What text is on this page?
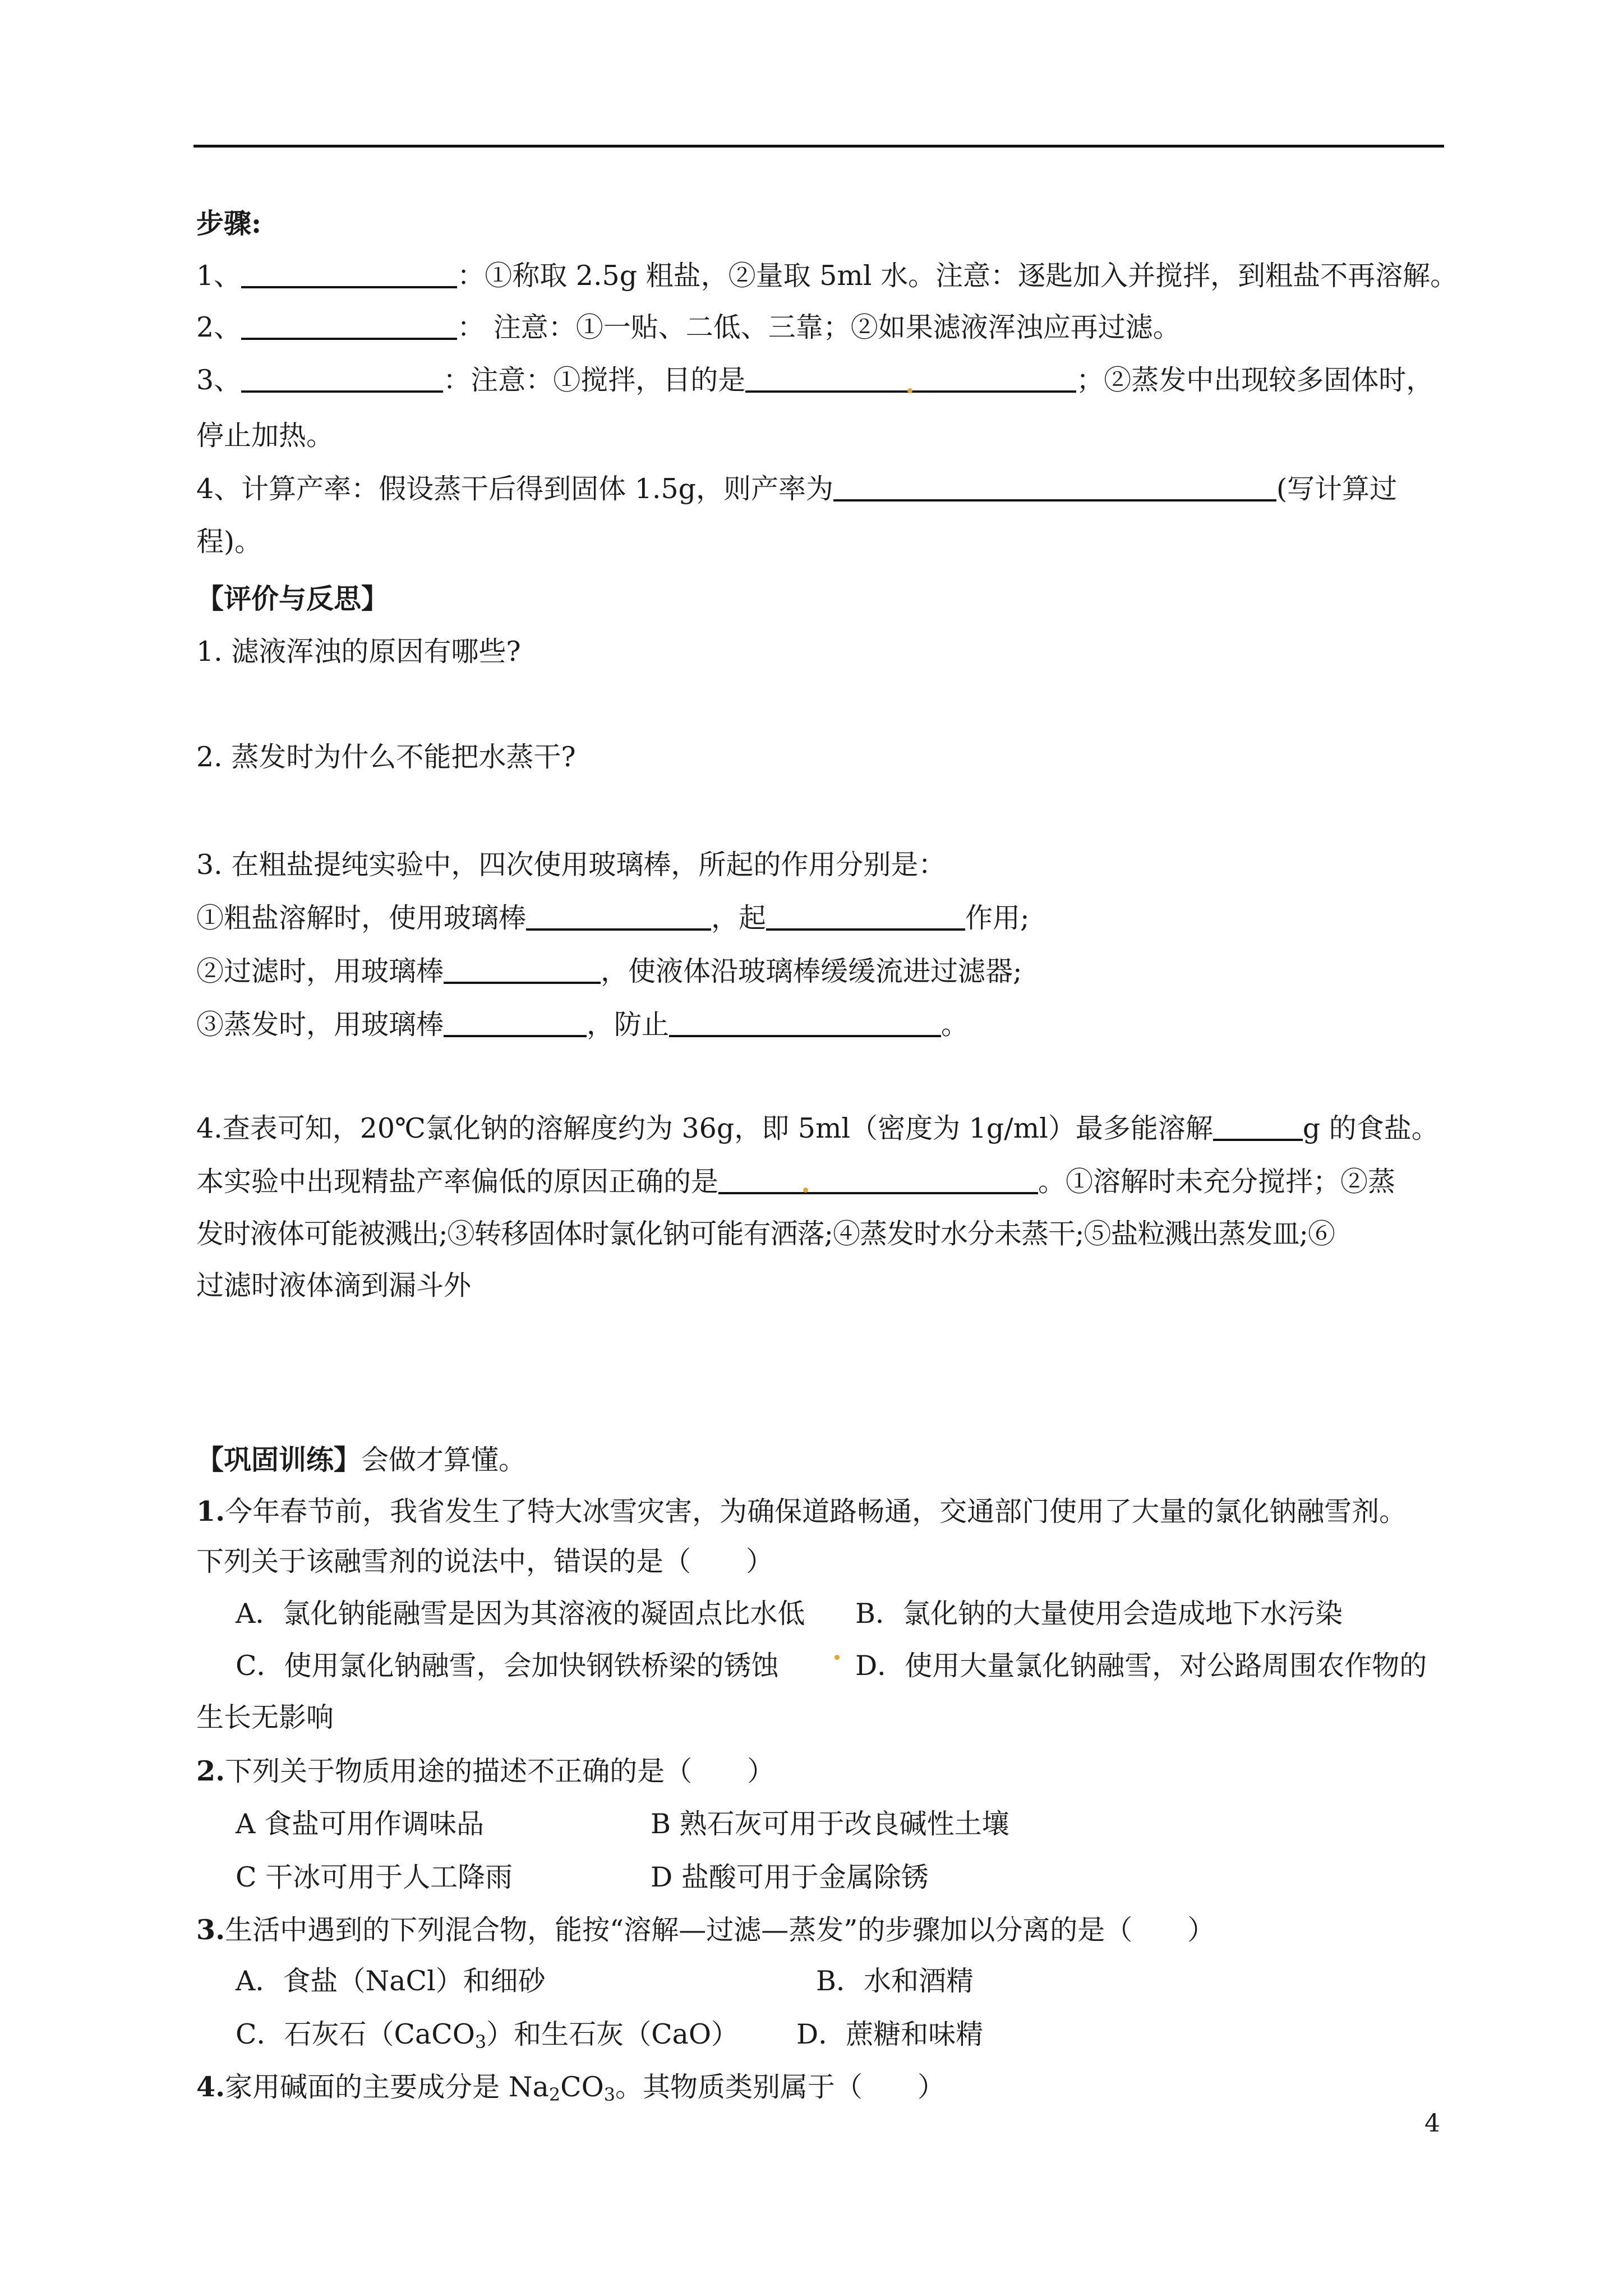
步骤:
1、	：①称取 2.5g 粗盐，②量取 5ml 水。注意：逐匙加入并搅拌，到粗盐不再溶解。
2、	： 注意：①一贴、二低、三靠；②如果滤液浑浊应再过滤。
3、	：注意：①搅拌，目的是	；②蒸发中出现较多固体时，
停止加热。
4、计算产率：假设蒸干后得到固体 1.5g，则产率为	(写计算过
程)。
【评价与反思】
1. 滤液浑浊的原因有哪些?
2. 蒸发时为什么不能把水蒸干?
3. 在粗盐提纯实验中，四次使用玻璃棒，所起的作用分别是：
①粗盐溶解时，使用玻璃棒	，起	作用;
②过滤时，用玻璃棒	，使液体沿玻璃棒缓缓流进过滤器;
③蒸发时，用玻璃棒	，防止	。
4.查表可知，20℃氯化钠的溶解度约为 36g，即 5ml（密度为 1g/ml）最多能溶解	g 的食盐。
本实验中出现精盐产率偏低的原因正确的是	。①溶解时未充分搅拌；②蒸
发时液体可能被溅出;③转移固体时氯化钠可能有洒落;④蒸发时水分未蒸干;⑤盐粒溅出蒸发皿;⑥
过滤时液体滴到漏斗外
【巩固训练】会做才算懂。
1.今年春节前，我省发生了特大冰雪灾害，为确保道路畅通，交通部门使用了大量的氯化钠融雪剂。
下列关于该融雪剂的说法中，错误的是（　　）
A．氯化钠能融雪是因为其溶液的凝固点比水低 B．氯化钠的大量使用会造成地下水污染
C．使用氯化钠融雪，会加快钢铁桥梁的锈蚀	D．使用大量氯化钠融雪，对公路周围农作物的
生长无影响
2.下列关于物质用途的描述不正确的是（　　）
A 食盐可用作调味品	B 熟石灰可用于改良碱性土壤
C 干冰可用于人工降雨	D 盐酸可用于金属除锈
3.生活中遇到的下列混合物，能按“溶解—过滤—蒸发”的步骤加以分离的是（　　）
A．食盐（NaCl）和细砂	B．水和酒精
C．石灰石（CaCO$_3$）和生石灰（CaO） D．蔗糖和味精
4.家用碱面的主要成分是 $Na_2CO_3$。其物质类别属于（　　）
4
